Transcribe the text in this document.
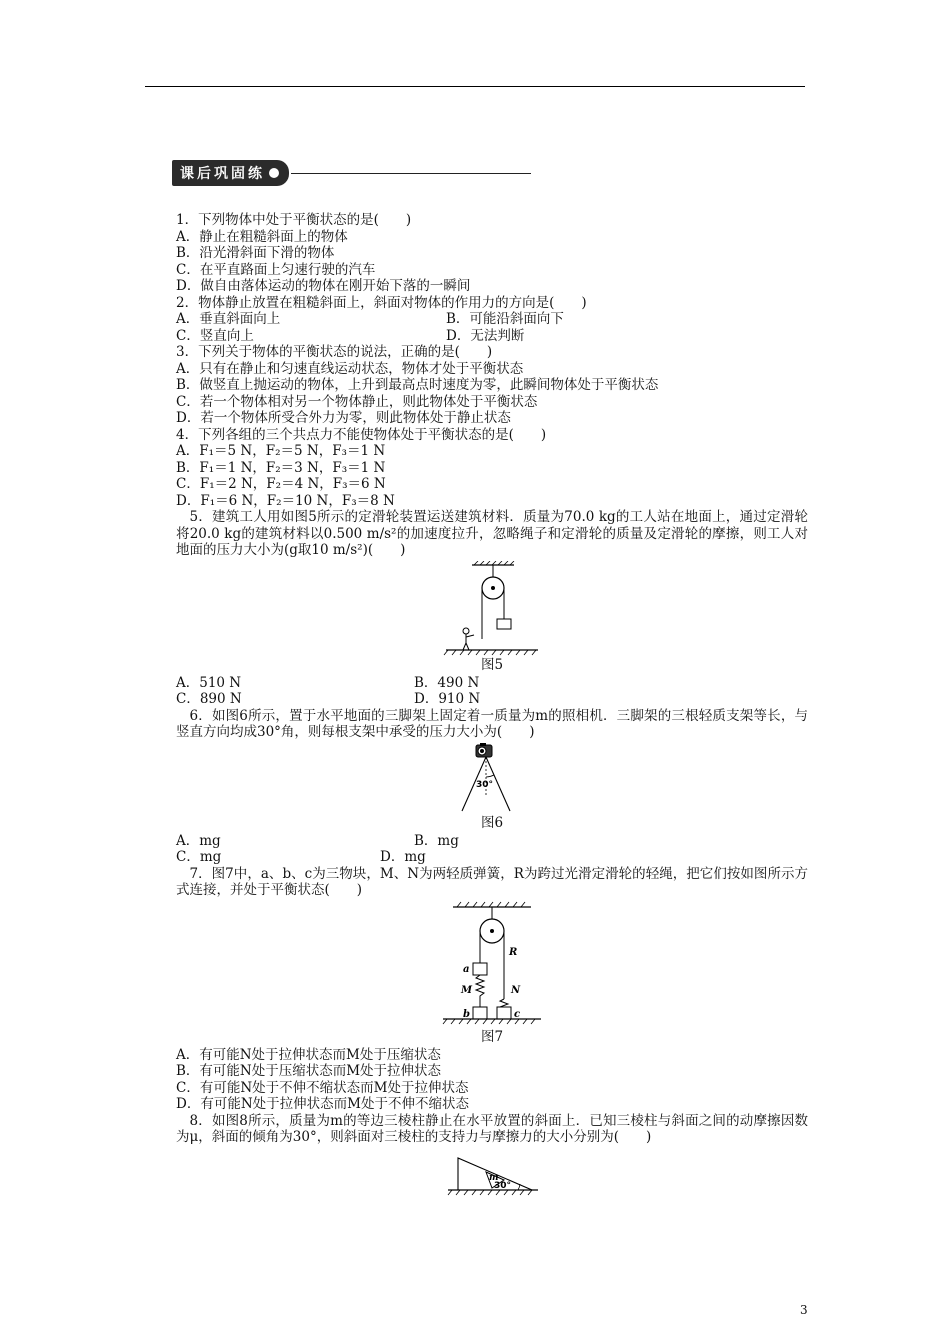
课后巩固练
1．下列物体中处于平衡状态的是(　　)
A．静止在粗糙斜面上的物体
B．沿光滑斜面下滑的物体
C．在平直路面上匀速行驶的汽车
D．做自由落体运动的物体在刚开始下落的一瞬间
2．物体静止放置在粗糙斜面上，斜面对物体的作用力的方向是(　　)
A．垂直斜面向上	B．可能沿斜面向下
C．竖直向上	D．无法判断
3．下列关于物体的平衡状态的说法，正确的是(　　)
A．只有在静止和匀速直线运动状态，物体才处于平衡状态
B．做竖直上抛运动的物体，上升到最高点时速度为零，此瞬间物体处于平衡状态
C．若一个物体相对另一个物体静止，则此物体处于平衡状态
D．若一个物体所受合外力为零，则此物体处于静止状态
4．下列各组的三个共点力不能使物体处于平衡状态的是(　　)
A．F₁＝5 N，F₂＝5 N，F₃＝1 N
B．F₁＝1 N，F₂＝3 N，F₃＝1 N
C．F₁＝2 N，F₂＝4 N，F₃＝6 N
D．F₁＝6 N，F₂＝10 N，F₃＝8 N
5．建筑工人用如图5所示的定滑轮装置运送建筑材料．质量为70.0 kg的工人站在地面上，通过定滑轮将20.0 kg的建筑材料以0.500 m/s²的加速度拉升，忽略绳子和定滑轮的质量及定滑轮的摩擦，则工人对地面的压力大小为(g取10 m/s²)(　　)
图5
A．510 N	B．490 N
C．890 N	D．910 N
6．如图6所示，置于水平地面的三脚架上固定着一质量为m的照相机．三脚架的三根轻质支架等长，与竖直方向均成30°角，则每根支架中承受的压力大小为(　　)
30°
图6
A．mg	B．mg
C．mg	D．mg
7．图7中，a、b、c为三物块，M、N为两轻质弹簧，R为跨过光滑定滑轮的轻绳，把它们按如图所示方式连接，并处于平衡状态(　　)
a
M	N
R
b	c
图7
A．有可能N处于拉伸状态而M处于压缩状态
B．有可能N处于压缩状态而M处于拉伸状态
C．有可能N处于不伸不缩状态而M处于拉伸状态
D．有可能N处于拉伸状态而M处于不伸不缩状态
8．如图8所示，质量为m的等边三棱柱静止在水平放置的斜面上．已知三棱柱与斜面之间的动摩擦因数为μ，斜面的倾角为30°，则斜面对三棱柱的支持力与摩擦力的大小分别为(　　)
m
30°
3
